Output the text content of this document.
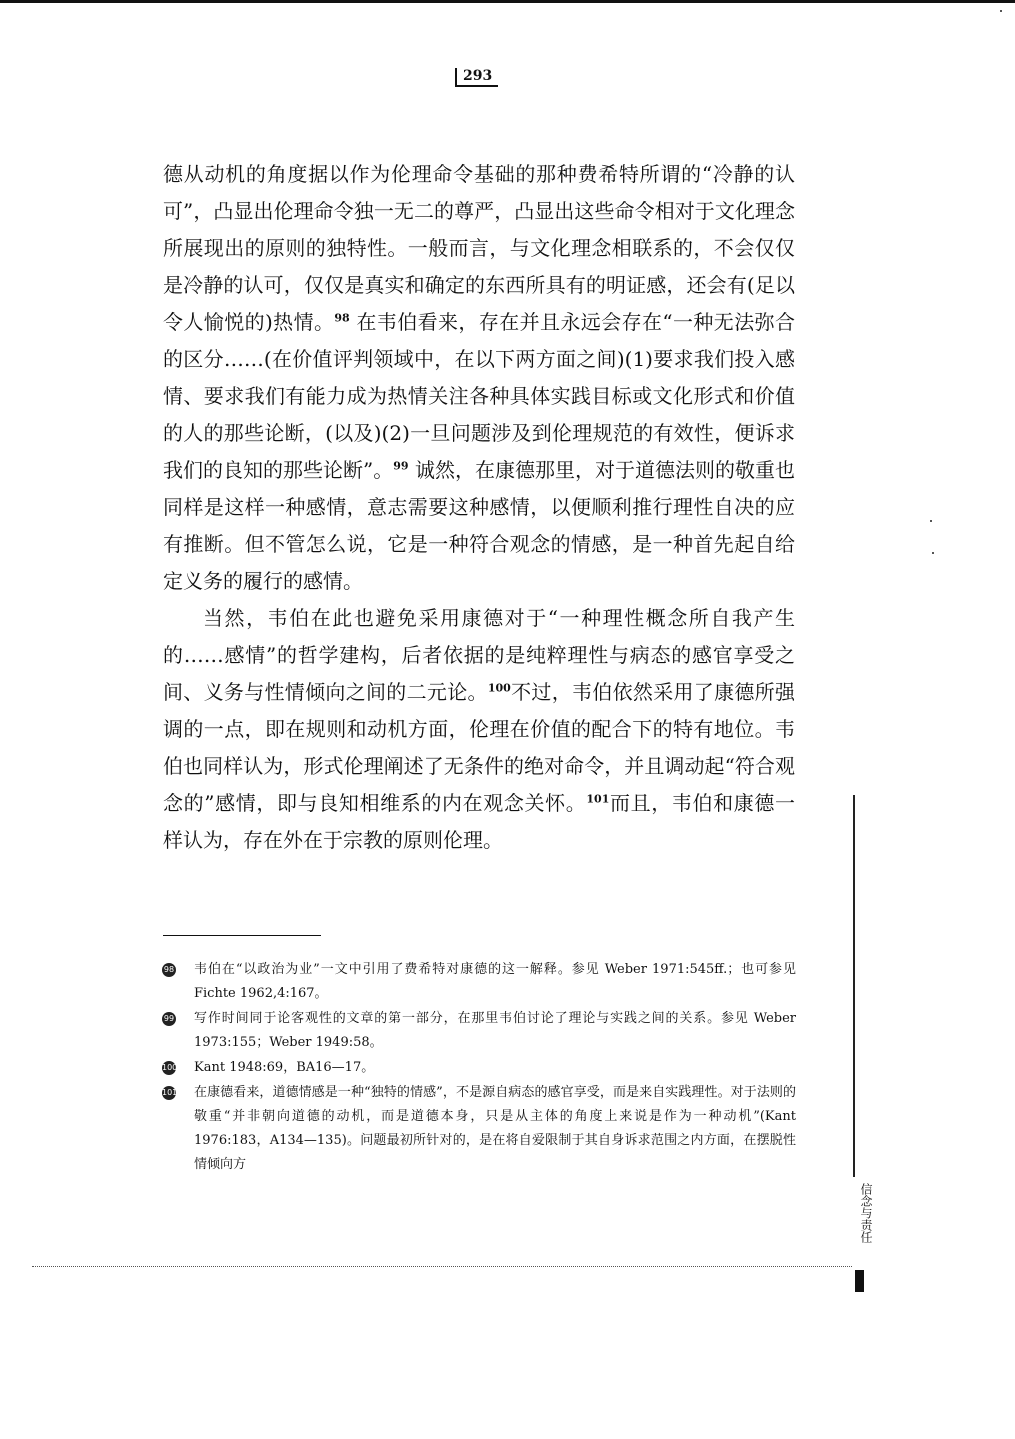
293

德从动机的角度据以作为伦理命令基础的那种费希特所谓的“冷静的认可”，凸显出伦理命令独一无二的尊严，凸显出这些命令相对于文化理念所展现出的原则的独特性。一般而言，与文化理念相联系的，不会仅仅是冷静的认可，仅仅是真实和确定的东西所具有的明证感，还会有(足以令人愉悦的)热情。$^{98}$ 在韦伯看来，存在并且永远会存在“一种无法弥合的区分……(在价值评判领域中，在以下两方面之间)(1)要求我们投入感情、要求我们有能力成为热情关注各种具体实践目标或文化形式和价值的人的那些论断，(以及)(2)一旦问题涉及到伦理规范的有效性，便诉求我们的良知的那些论断”。$^{99}$ 诚然，在康德那里，对于道德法则的敬重也同样是这样一种感情，意志需要这种感情，以便顺利推行理性自决的应有推断。但不管怎么说，它是一种符合观念的情感，是一种首先起自给定义务的履行的感情。

当然，韦伯在此也避免采用康德对于“一种理性概念所自我产生的……感情”的哲学建构，后者依据的是纯粹理性与病态的感官享受之间、义务与性情倾向之间的二元论。$^{100}$不过，韦伯依然采用了康德所强调的一点，即在规则和动机方面，伦理在价值的配合下的特有地位。韦伯也同样认为，形式伦理阐述了无条件的绝对命令，并且调动起“符合观念的”感情，即与良知相维系的内在观念关怀。$^{101}$而且，韦伯和康德一样认为，存在外在于宗教的原则伦理。

98 韦伯在“以政治为业”一文中引用了费希特对康德的这一解释。参见 Weber 1971:545ff.；也可参见 Fichte 1962,4:167。
99 写作时间同于论客观性的文章的第一部分，在那里韦伯讨论了理论与实践之间的关系。参见 Weber 1973:155；Weber 1949:58。
100 Kant 1948:69，BA16—17。
101 在康德看来，道德情感是一种“独特的情感”，不是源自病态的感官享受，而是来自实践理性。对于法则的敬重“并非朝向道德的动机，而是道德本身，只是从主体的角度上来说是作为一种动机”(Kant 1976:183，A134—135)。问题最初所针对的，是在将自爱限制于其自身诉求范围之内方面，在摆脱性情倾向方
信念与责任
